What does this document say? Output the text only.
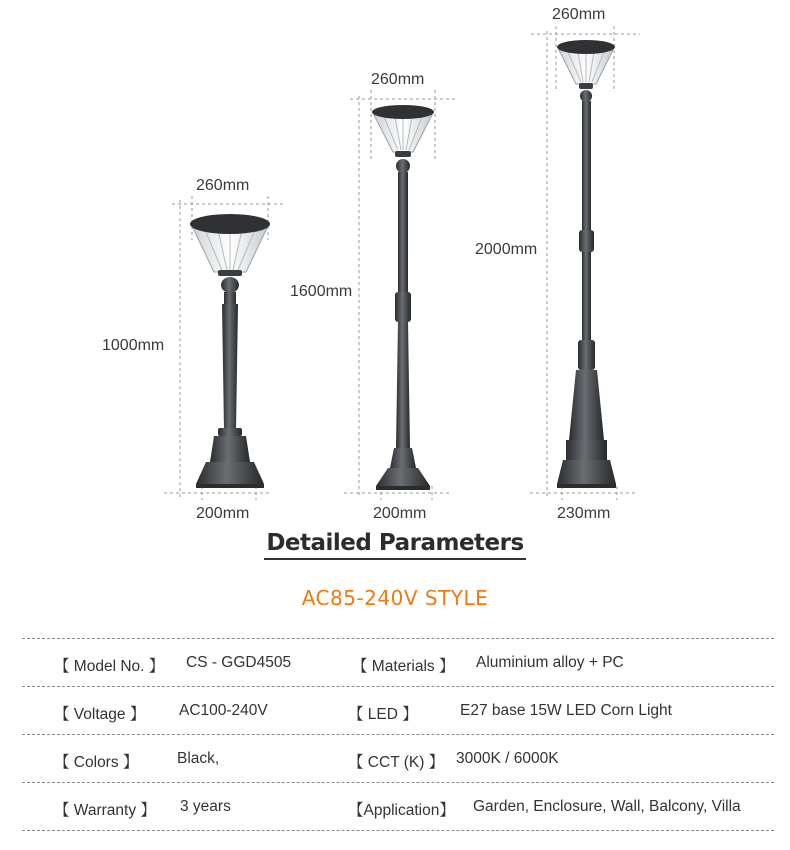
260mm
1000mm
200mm
260mm
1600mm
200mm
260mm
2000mm
230mm
Detailed Parameters
AC85-240V STYLE
【 Model No. 】 CS - GGD4505	【 Materials 】 Aluminium alloy + PC
【 Voltage 】 AC100-240V	【 LED 】	E27 base 15W LED Corn Light
【 Colors 】 Black,	【 CCT (K) 】 3000K / 6000K
【 Warranty 】 3 years	【Application】 Garden, Enclosure, Wall, Balcony, Villa
